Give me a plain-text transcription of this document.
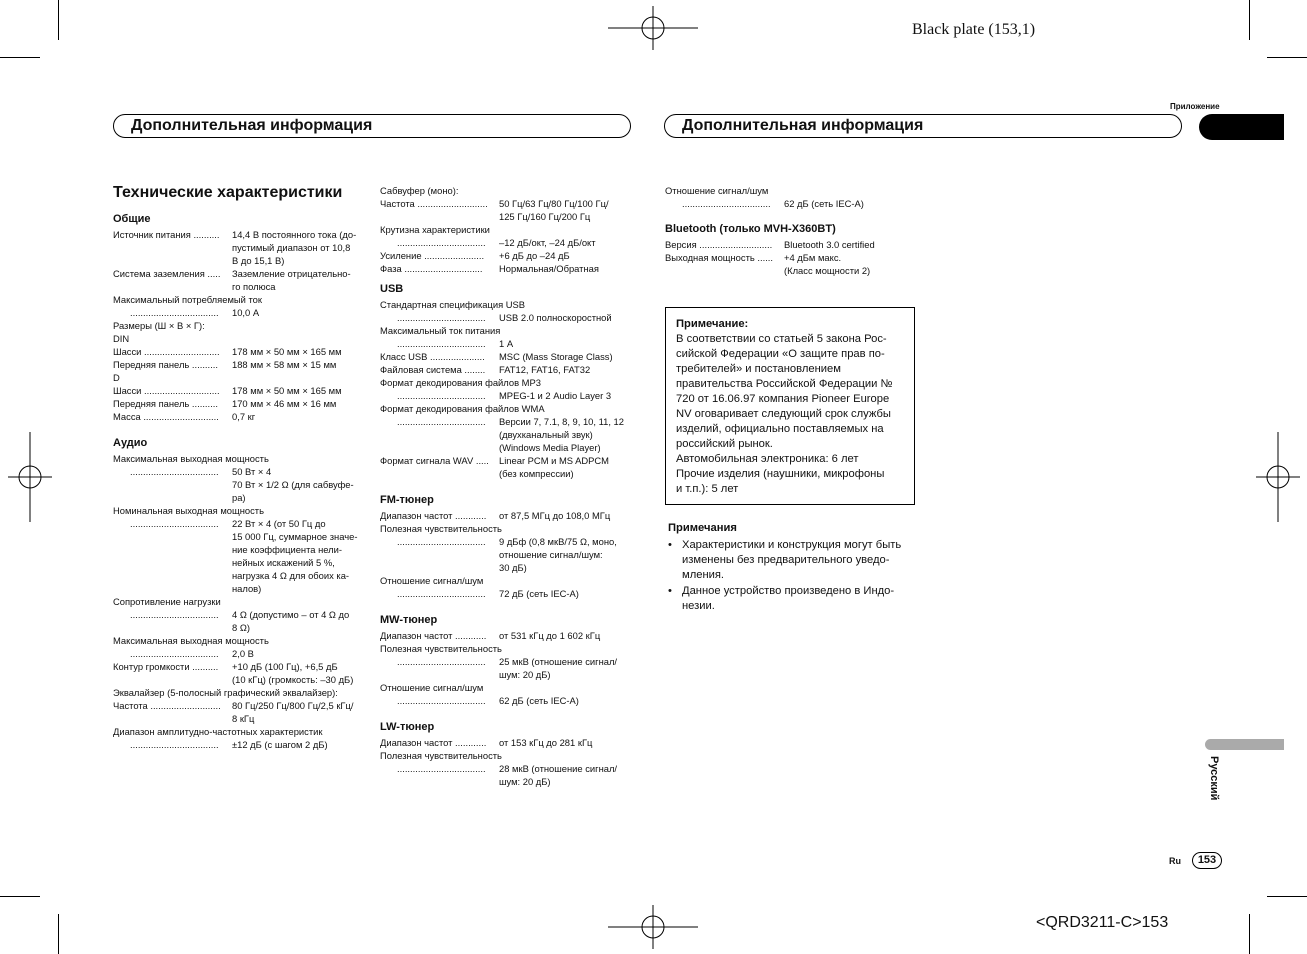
Black plate (153,1)
<QRD3211-C>153
Дополнительная информация	Дополнительная информация
Приложение
Русский
Ru	153
Технические характеристики
Общие
Источник питания ..........	14,4 В постоянного тока (до-
пустимый диапазон от 10,8
В до 15,1 В)
Система заземления .....	Заземление отрицательно-
го полюса
Максимальный потребляемый ток
..................................	10,0 А
Размеры (Ш × В × Г):
DIN
Шасси .............................	178 мм × 50 мм × 165 мм
Передняя панель ..........	188 мм × 58 мм × 15 мм
D
Шасси .............................	178 мм × 50 мм × 165 мм
Передняя панель ..........	170 мм × 46 мм × 16 мм
Масса .............................	0,7 кг
Аудио
Максимальная выходная мощность
..................................	50 Вт × 4
70 Вт × 1/2 Ω (для сабвуфе-
ра)
Номинальная выходная мощность
..................................	22 Вт × 4 (от 50 Гц до
15 000 Гц, суммарное значе-
ние коэффициента нели-
нейных искажений 5 %,
нагрузка 4 Ω для обоих ка-
налов)
Сопротивление нагрузки
..................................	4 Ω (допустимо – от 4 Ω до
8 Ω)
Максимальная выходная мощность
..................................	2,0 В
Контур громкости ..........	+10 дБ (100 Гц), +6,5 дБ
(10 кГц) (громкость: –30 дБ)
Эквалайзер (5-полосный графический эквалайзер):
Частота ...........................	80 Гц/250 Гц/800 Гц/2,5 кГц/
8 кГц
Диапазон амплитудно-частотных характеристик
..................................	±12 дБ (с шагом 2 дБ)
Сабвуфер (моно):
Частота ...........................	50 Гц/63 Гц/80 Гц/100 Гц/
125 Гц/160 Гц/200 Гц
Крутизна характеристики
..................................	–12 дБ/окт, –24 дБ/окт
Усиление .......................	+6 дБ до –24 дБ
Фаза ..............................	Нормальная/Обратная
USB
Стандартная спецификация USB
..................................	USB 2.0 полноскоростной
Максимальный ток питания
..................................	1 А
Класс USB .....................	MSC (Mass Storage Class)
Файловая система ........	FAT12, FAT16, FAT32
Формат декодирования файлов MP3
..................................	MPEG-1 и 2 Audio Layer 3
Формат декодирования файлов WMA
..................................	Версии 7, 7.1, 8, 9, 10, 11, 12
(двухканальный звук)
(Windows Media Player)
Формат сигнала WAV .....	Linear PCM и MS ADPCM
(без компрессии)
FM-тюнер
Диапазон частот ............	от 87,5 МГц до 108,0 МГц
Полезная чувствительность
..................................	9 дБф (0,8 мкВ/75 Ω, моно,
отношение сигнал/шум:
30 дБ)
Отношение сигнал/шум
..................................	72 дБ (сеть IEC-A)
MW-тюнер
Диапазон частот ............	от 531 кГц до 1 602 кГц
Полезная чувствительность
..................................	25 мкВ (отношение сигнал/
шум: 20 дБ)
Отношение сигнал/шум
..................................	62 дБ (сеть IEC-A)
LW-тюнер
Диапазон частот ............	от 153 кГц до 281 кГц
Полезная чувствительность
..................................	28 мкВ (отношение сигнал/
шум: 20 дБ)
Отношение сигнал/шум
..................................	62 дБ (сеть IEC-A)
Bluetooth (только MVH-X360BT)
Версия ............................	Bluetooth 3.0 certified
Выходная мощность ......	+4 дБм макс.
(Класс мощности 2)
Примечание:
В соответствии со статьей 5 закона Рос-
сийской Федерации «О защите прав по-
требителей» и постановлением
правительства Российской Федерации №
720 от 16.06.97 компания Pioneer Europe
NV оговаривает следующий срок службы
изделий, официально поставляемых на
российский рынок.
Автомобильная электроника: 6 лет
Прочие изделия (наушники, микрофоны
и т.п.): 5 лет
Примечания
• Характеристики и конструкция могут быть
изменены без предварительного уведо-
мления.
• Данное устройство произведено в Индо-
незии.
